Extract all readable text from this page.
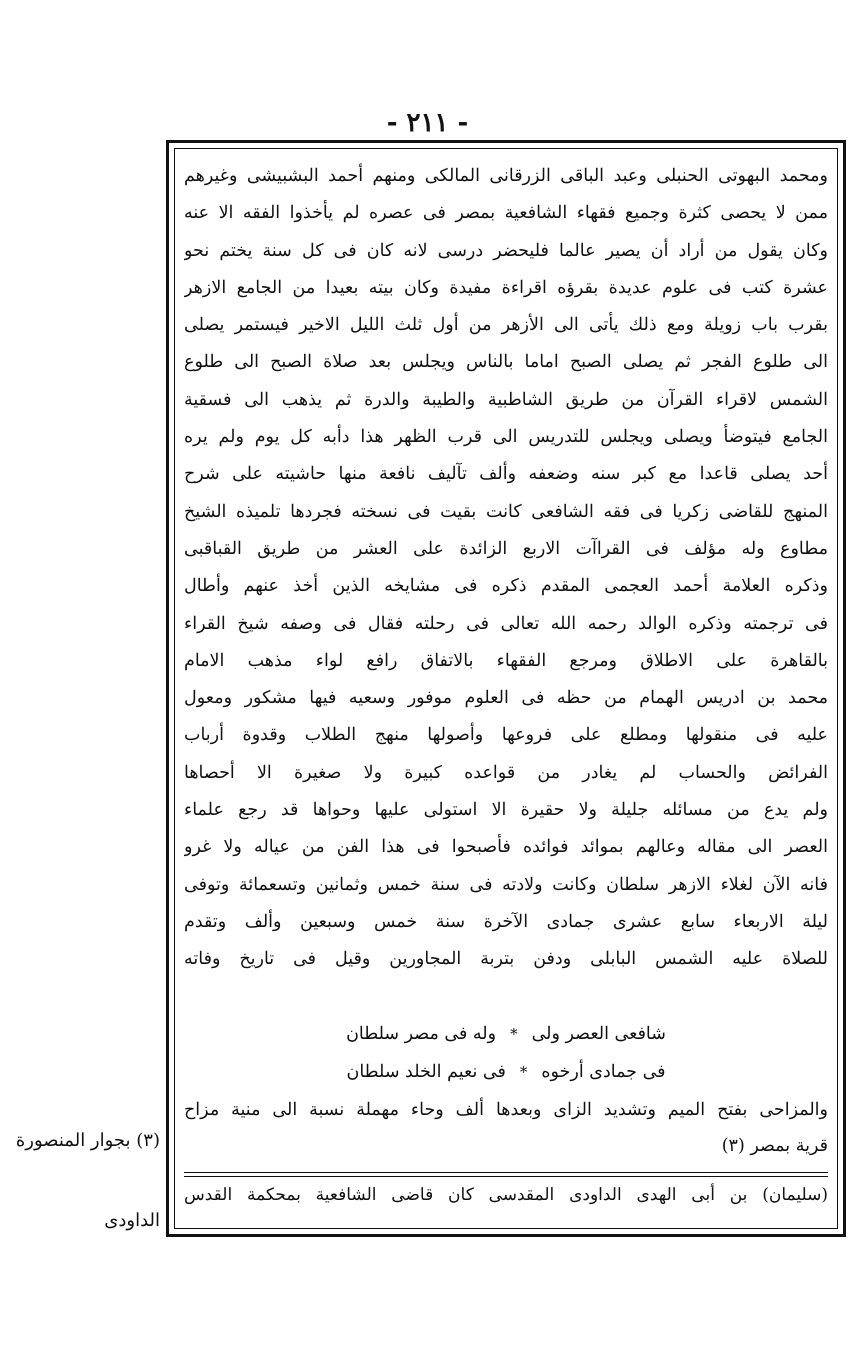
- ٢١١ -
ومحمد البهوتى الحنبلى وعبد الباقى الزرقانى المالكى ومنهم أحمد البشبيشى وغيرهم
ممن لا يحصى كثرة وجميع فقهاء الشافعية بمصر فى عصره لم يأخذوا الفقه الا عنه
وكان يقول من أراد أن يصير عالما فليحضر درسى لانه كان فى كل سنة يختم نحو
عشرة كتب فى علوم عديدة بقرؤه اقراءة مفيدة وكان بيته بعيدا من الجامع الازهر
بقرب باب زويلة ومع ذلك يأتى الى الأزهر من أول ثلث الليل الاخير فيستمر يصلى
الى طلوع الفجر ثم يصلى الصبح اماما بالناس ويجلس بعد صلاة الصبح الى طلوع
الشمس لاقراء القرآن من طريق الشاطبية والطيبة والدرة ثم يذهب الى فسقية
الجامع فيتوضأ ويصلى ويجلس للتدريس الى قرب الظهر هذا دأبه كل يوم ولم يره
أحد يصلى قاعدا مع كبر سنه وضعفه وألف تآليف نافعة منها حاشيته على شرح
المنهج للقاضى زكريا فى فقه الشافعى كانت بقيت فى نسخته فجردها تلميذه الشيخ
مطاوع وله مؤلف فى القراآت الاربع الزائدة على العشر من طريق القباقبى
وذكره العلامة أحمد العجمى المقدم ذكره فى مشايخه الذين أخذ عنهم وأطال
فى ترجمته وذكره الوالد رحمه الله تعالى فى رحلته فقال فى وصفه شيخ القراء
بالقاهرة على الاطلاق ومرجع الفقهاء بالاتفاق رافع لواء مذهب الامام
محمد بن ادريس الهمام من حظه فى العلوم موفور وسعيه فيها مشكور ومعول
عليه فى منقولها ومطلع على فروعها وأصولها منهج الطلاب وقدوة أرباب
الفرائض والحساب لم يغادر من قواعده كبيرة ولا صغيرة الا أحصاها
ولم يدع من مسائله جليلة ولا حقيرة الا استولى عليها وحواها قد رجع علماء
العصر الى مقاله وعالهم بموائد فوائده فأصبحوا فى هذا الفن من عياله ولا غرو
فانه الآن لغلاء الازهر سلطان وكانت ولادته فى سنة خمس وثمانين وتسعمائة وتوفى
ليلة الاربعاء سابع عشرى جمادى الآخرة سنة خمس وسبعين وألف وتقدم
للصلاة عليه الشمس البابلى ودفن بتربة المجاورين وقيل فى تاريخ وفاته
شافعى العصر ولى
*
وله فى مصر سلطان
فى جمادى أرخوه
*
فى نعيم الخلد سلطان
والمزاحى بفتح الميم وتشديد الزاى وبعدها ألف وحاء مهملة نسبة الى منية مزاح
قرية بمصر (٣)
(سليمان) بن أبى الهدى الداودى المقدسى كان قاضى الشافعية بمحكمة القدس
(٣) بجوار المنصورة
الداودى
